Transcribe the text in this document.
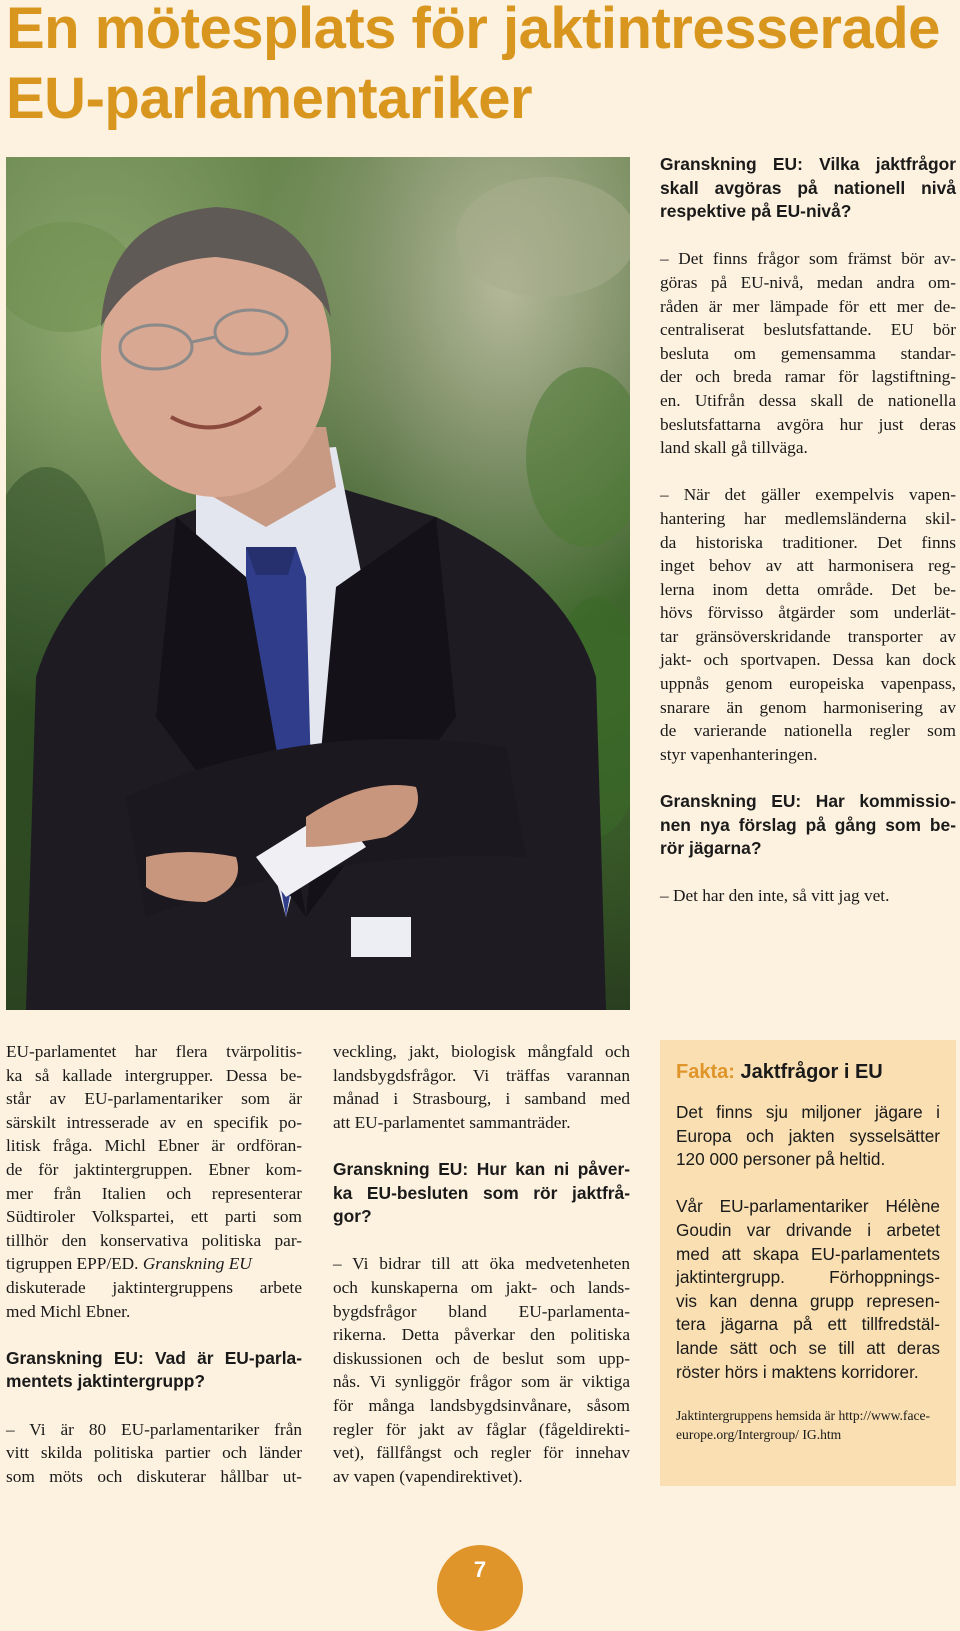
En mötesplats för jaktintresserade
EU-parlamentariker

Granskning EU: Vilka jaktfrågor
skall avgöras på nationell nivå
respektive på EU-nivå?

– Det finns frågor som främst bör av-
göras på EU-nivå, medan andra om-
råden är mer lämpade för ett mer de-
centraliserat beslutsfattande. EU bör
besluta om gemensamma standar-
der och breda ramar för lagstiftning-
en. Utifrån dessa skall de nationella
beslutsfattarna avgöra hur just deras
land skall gå tillväga.

– När det gäller exempelvis vapen-
hantering har medlemsländerna skil-
da historiska traditioner. Det finns
inget behov av att harmonisera reg-
lerna inom detta område. Det be-
hövs förvisso åtgärder som underlät-
tar gränsöverskridande transporter av
jakt- och sportvapen. Dessa kan dock
uppnås genom europeiska vapenpass,
snarare än genom harmonisering av
de varierande nationella regler som
styr vapenhanteringen.

Granskning EU: Har kommissio-
nen nya förslag på gång som be-
rör jägarna?

– Det har den inte, så vitt jag vet.

EU-parlamentet har flera tvärpolitis-
ka så kallade intergrupper. Dessa be-
står av EU-parlamentariker som är
särskilt intresserade av en specifik po-
litisk fråga. Michl Ebner är ordföran-
de för jaktintergruppen. Ebner kom-
mer från Italien och representerar
Südtiroler Volkspartei, ett parti som
tillhör den konservativa politiska par-
tigruppen EPP/ED. Granskning EU
diskuterade jaktintergruppens arbete
med Michl Ebner.

Granskning EU: Vad är EU-parla-
mentets jaktintergrupp?

– Vi är 80 EU-parlamentariker från
vitt skilda politiska partier och länder
som möts och diskuterar hållbar ut-

veckling, jakt, biologisk mångfald och
landsbygdsfrågor. Vi träffas varannan
månad i Strasbourg, i samband med
att EU-parlamentet sammanträder.

Granskning EU: Hur kan ni påver-
ka EU-besluten som rör jaktfrå-
gor?

– Vi bidrar till att öka medvetenheten
och kunskaperna om jakt- och lands-
bygdsfrågor bland EU-parlamenta-
rikerna. Detta påverkar den politiska
diskussionen och de beslut som upp-
nås. Vi synliggör frågor som är viktiga
för många landsbygdsinvånare, såsom
regler för jakt av fåglar (fågeldirekti-
vet), fällfångst och regler för innehav
av vapen (vapendirektivet).

Fakta: Jaktfrågor i EU

Det finns sju miljoner jägare i
Europa och jakten sysselsätter
120 000 personer på heltid.

Vår EU-parlamentariker Hélène
Goudin var drivande i arbetet
med att skapa EU-parlamentets
jaktintergrupp. Förhoppnings-
vis kan denna grupp represen-
tera jägarna på ett tillfredstäl-
lande sätt och se till att deras
röster hörs i maktens korridorer.

Jaktintergruppens hemsida är http://www.face-europe.org/Intergroup/ IG.htm
7
